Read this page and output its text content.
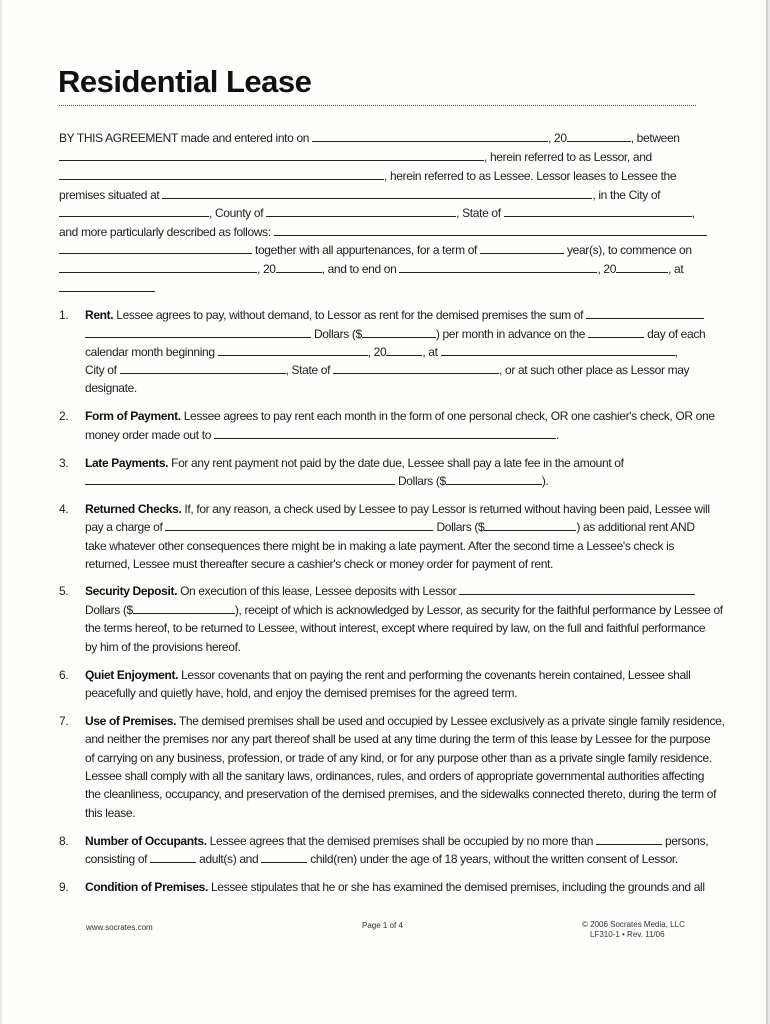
Residential Lease
BY THIS AGREEMENT made and entered into on	, 20	, between
, herein referred to as Lessor, and
, herein referred to as Lessee. Lessor leases to Lessee the
premises situated at	, in the City of
, County of	, State of	,
and more particularly described as follows:
together with all appurtenances, for a term of	year(s), to commence on
, 20	, and to end on	, 20	, at
1. Rent. Lessee agrees to pay, without demand, to Lessor as rent for the demised premises the sum of
Dollars ($	) per month in advance on the	day of each
calendar month beginning	, 20	, at	,
City of	, State of	, or at such other place as Lessor may
designate.
2. Form of Payment. Lessee agrees to pay rent each month in the form of one personal check, OR one cashier's check, OR one
money order made out to	.
3. Late Payments. For any rent payment not paid by the date due, Lessee shall pay a late fee in the amount of
Dollars ($	).
4. Returned Checks. If, for any reason, a check used by Lessee to pay Lessor is returned without having been paid, Lessee will
pay a charge of	Dollars ($	) as additional rent AND
take whatever other consequences there might be in making a late payment. After the second time a Lessee's check is
returned, Lessee must thereafter secure a cashier's check or money order for payment of rent.
5. Security Deposit. On execution of this lease, Lessee deposits with Lessor
Dollars ($	), receipt of which is acknowledged by Lessor, as security for the faithful performance by Lessee of
the terms hereof, to be returned to Lessee, without interest, except where required by law, on the full and faithful performance
by him of the provisions hereof.
6. Quiet Enjoyment. Lessor covenants that on paying the rent and performing the covenants herein contained, Lessee shall
peacefully and quietly have, hold, and enjoy the demised premises for the agreed term.
7. Use of Premises. The demised premises shall be used and occupied by Lessee exclusively as a private single family residence,
and neither the premises nor any part thereof shall be used at any time during the term of this lease by Lessee for the purpose
of carrying on any business, profession, or trade of any kind, or for any purpose other than as a private single family residence.
Lessee shall comply with all the sanitary laws, ordinances, rules, and orders of appropriate governmental authorities affecting
the cleanliness, occupancy, and preservation of the demised premises, and the sidewalks connected thereto, during the term of
this lease.
8. Number of Occupants. Lessee agrees that the demised premises shall be occupied by no more than	persons,
consisting of	adult(s) and	child(ren) under the age of 18 years, without the written consent of Lessor.
9. Condition of Premises. Lessee stipulates that he or she has examined the demised premises, including the grounds and all
www.socrates.com	Page 1 of 4	© 2006 Socrates Media, LLC
LF310-1 • Rev. 11/06
